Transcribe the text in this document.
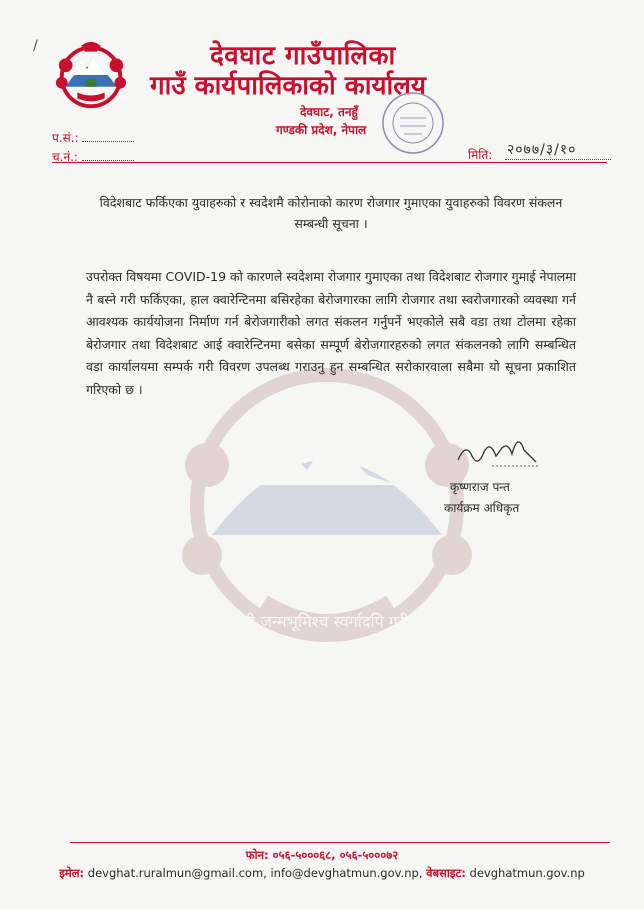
/	देवघाट गाउँपालिका
गाउँ कार्यपालिकाको कार्यालय
देवघाट, तनहुँ
गण्डकी प्रदेश, नेपाल
प.सं.:
च.नं.:	मिति: २०७७/३/१०
जननी जन्मभूमिश्च स्वर्गादपि गरीयसी
विदेशबाट फर्किएका युवाहरुको र स्वदेशमै कोरोनाको कारण रोजगार गुमाएका युवाहरुको विवरण संकलन सम्बन्धी सूचना ।
उपरोक्त विषयमा COVID-19 को कारणले स्वदेशमा रोजगार गुमाएका तथा विदेशबाट रोजगार गुमाई नेपालमा नै बस्ने गरी फर्किएका, हाल क्वारेन्टिनमा बसिरहेका बेरोजगारका लागि रोजगार तथा स्वरोजगारको व्यवस्था गर्न आवश्यक कार्ययोजना निर्माण गर्न बेरोजगारीको लगत संकलन गर्नुपर्ने भएकोले सबै वडा तथा टोलमा रहेका बेरोजगार तथा विदेशबाट आई क्वारेन्टिनमा बसेका सम्पूर्ण बेरोजगारहरुको लगत संकलनको लागि सम्बन्धित वडा कार्यालयमा सम्पर्क गरी विवरण उपलब्ध गराउनु हुन सम्बन्धित सरोकारवाला सबैमा यो सूचना प्रकाशित गरिएको छ ।
कृष्णराज पन्त
कार्यक्रम अधिकृत
फोन: ०५६-५०००६८, ०५६-५०००७२
इमेल: devghat.ruralmun@gmail.com, info@devghatmun.gov.np, वेबसाइट: devghatmun.gov.np
